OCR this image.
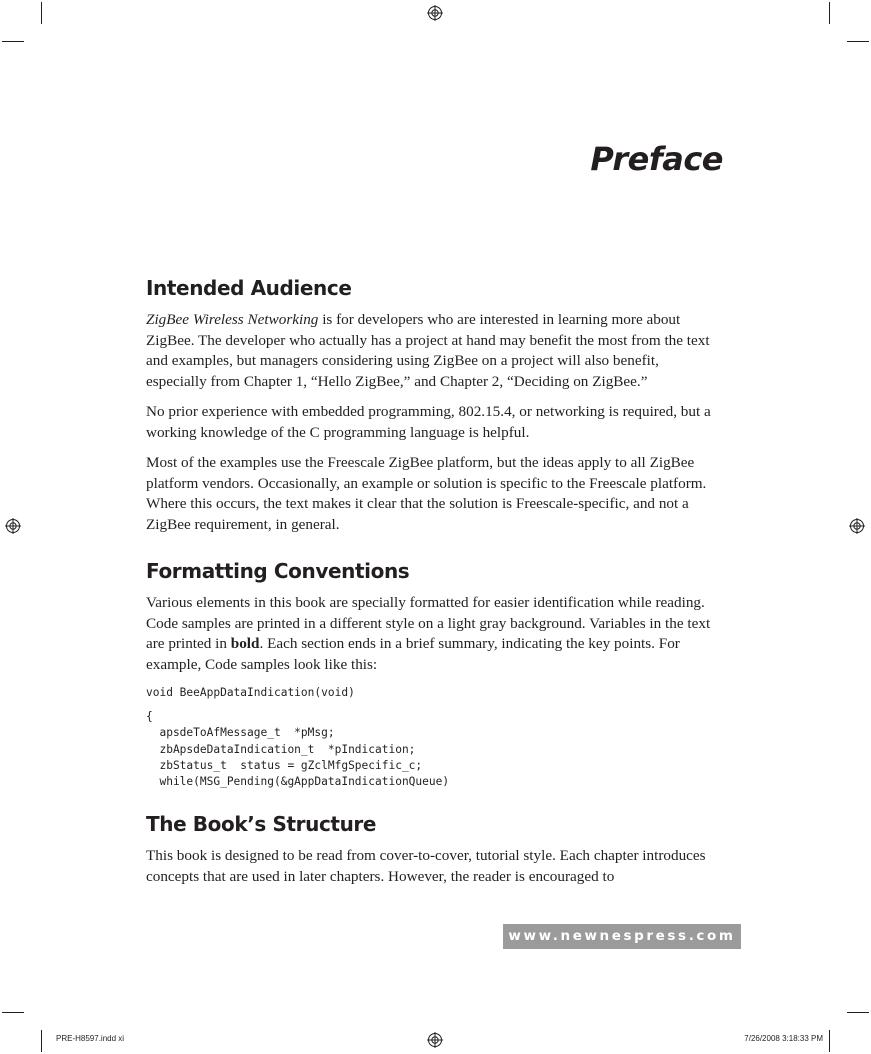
Preface
Intended Audience

ZigBee Wireless Networking is for developers who are interested in learning more about ZigBee. The developer who actually has a project at hand may benefit the most from the text and examples, but managers considering using ZigBee on a project will also benefit, especially from Chapter 1, “Hello ZigBee,” and Chapter 2, “Deciding on ZigBee.”

No prior experience with embedded programming, 802.15.4, or networking is required, but a working knowledge of the C programming language is helpful.

Most of the examples use the Freescale ZigBee platform, but the ideas apply to all ZigBee platform vendors. Occasionally, an example or solution is specific to the Freescale platform. Where this occurs, the text makes it clear that the solution is Freescale-specific, and not a ZigBee requirement, in general.

Formatting Conventions

Various elements in this book are specially formatted for easier identification while reading. Code samples are printed in a different style on a light gray background. Variables in the text are printed in bold. Each section ends in a brief summary, indicating the key points. For example, Code samples look like this:

void BeeAppDataIndication(void)
{
apsdeToAfMessage_t  *pMsg;
zbApsdeDataIndication_t  *pIndication;
zbStatus_t  status = gZclMfgSpecific_c;
while(MSG_Pending(&gAppDataIndicationQueue)
The Book’s Structure

This book is designed to be read from cover-to-cover, tutorial style. Each chapter introduces concepts that are used in later chapters. However, the reader is encouraged to

www.newnespress.com
PRE-H8597.indd xi	7/26/2008 3:18:33 PM
